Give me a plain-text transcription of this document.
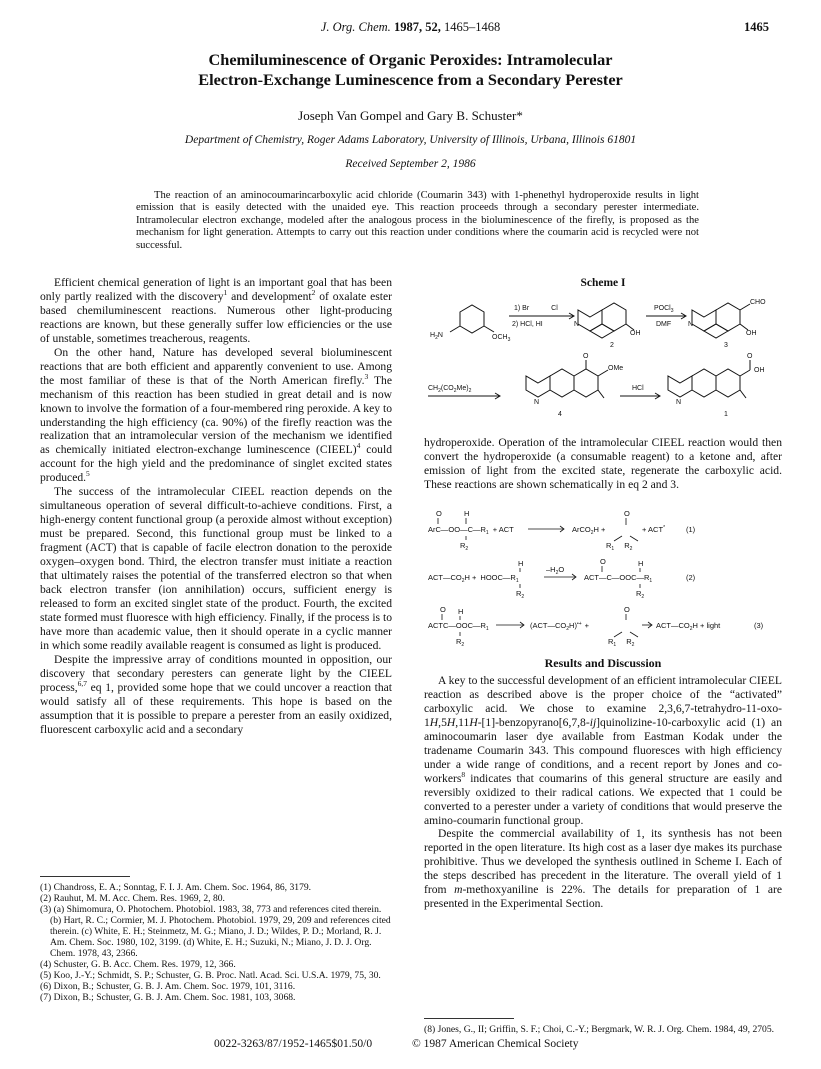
J. Org. Chem. 1987, 52, 1465–1468	1465
Chemiluminescence of Organic Peroxides: Intramolecular
Electron-Exchange Luminescence from a Secondary Perester
Joseph Van Gompel and Gary B. Schuster*
Department of Chemistry, Roger Adams Laboratory, University of Illinois, Urbana, Illinois 61801
Received September 2, 1986
The reaction of an aminocoumarincarboxylic acid chloride (Coumarin 343) with 1-phenethyl hydroperoxide results in light emission that is easily detected with the unaided eye. This reaction proceeds through a secondary perester intermediate. Intramolecular electron exchange, modeled after the analogous process in the bioluminescence of the firefly, is proposed as the mechanism for light generation. Attempts to carry out this reaction under conditions where the coumarin acid is recycled were not successful.

Efficient chemical generation of light is an important goal that has been only partly realized with the discovery$^1$ and development$^2$ of oxalate ester based chemiluminescent reactions. Numerous other light-producing reactions are known, but these generally suffer low efficiencies or the use of unstable, sometimes treacherous, reagents.

On the other hand, Nature has developed several bioluminescent reactions that are both efficient and apparently convenient to use. Among the most familiar of these is that of the North American firefly.$^3$ The mechanism of this reaction has been studied in great detail and is now known to involve the formation of a four-membered ring peroxide. A key to understanding the high efficiency (ca. 90%) of the firefly reaction was the realization that an intramolecular version of the mechanism we identified as chemically initiated electron-exchange luminescence (CIEEL)$^4$ could account for the high yield and the predominance of singlet excited states produced.$^5$

The success of the intramolecular CIEEL reaction depends on the simultaneous operation of several difficult-to-achieve conditions. First, a high-energy content functional group (a peroxide almost without exception) must be prepared. Second, this functional group must be linked to a fragment (ACT) that is capable of facile electron donation to the peroxide oxygen–oxygen bond. Third, the electron transfer must initiate a reaction that ultimately raises the potential of the transferred electron so that when back electron transfer (ion annihilation) occurs, sufficient energy is released to form an excited singlet state of the product. Fourth, the excited state formed must fluoresce with high efficiency. Finally, if the process is to have more than academic value, then it should operate in a cyclic manner in which some readily available reagent is consumed as light is produced.

Despite the impressive array of conditions mounted in opposition, our discovery that secondary peresters can generate light by the CIEEL process,$^{6,7}$ eq 1, provided some hope that we could uncover a reaction that would satisfy all of these requirements. This hope is based on the assumption that it is possible to prepare a perester from an easily oxidized, fluorescent carboxylic acid and a secondary

Scheme I
$H_2N$	$OCH_3$
1) Br	Cl
2) HCl, HI	N
OH
2
POCl$_3$
DMF N
CHO
OH
3
$CH_2(CO_2Me)_2$
N
O
OMe
4
HCl
N
O
OH
1

hydroperoxide. Operation of the intramolecular CIEEL reaction would then convert the hydroperoxide (a consumable reagent) to a ketone and, after emission of light from the excited state, regenerate the carboxylic acid. These reactions are shown schematically in eq 2 and 3.

O	H
$ArC—OO—C—R_1$ + ACT
$R_2$
ArCO$_2$H +
O
+ ACT*
$R_1$ $R_2$
(1)
H
$ACT—CO_2H$ + $HOOC—R_1$
$R_2$
$-H_2O$
O	H
$ACT—C—OOC—R_1$
$R_2$
(2)
O H
$ACTC—OOC—R_1$
$R_2$
$(ACT—CO_2H)^{•+}$ +
O
$R_1$ $R_2$
$ACT—CO_2H$ + light	(3)
Results and Discussion

A key to the successful development of an efficient intramolecular CIEEL reaction as described above is the proper choice of the “activated” carboxylic acid. We chose to examine 2,3,6,7-tetrahydro-11-oxo-1H,5H,11H-[1]-benzopyrano[6,7,8-ij]quinolizine-10-carboxylic acid (1) an aminocoumarin laser dye available from Eastman Kodak under the tradename Coumarin 343. This compound fluoresces with high efficiency under a wide range of conditions, and a recent report by Jones and co-workers$^8$ indicates that coumarins of this general structure are easily and reversibly oxidized to their radical cations. We expected that 1 could be converted to a perester under a variety of conditions that would preserve the amino-coumarin functional group.

Despite the commercial availability of 1, its synthesis has not been reported in the open literature. Its high cost as a laser dye makes its purchase prohibitive. Thus we developed the synthesis outlined in Scheme I. Each of the steps described has precedent in the literature. The overall yield of 1 from m-methoxyaniline is 22%. The details for preparation of 1 are presented in the Experimental Section.

(1) Chandross, E. A.; Sonntag, F. I. J. Am. Chem. Soc. 1964, 86, 3179.

(2) Rauhut, M. M. Acc. Chem. Res. 1969, 2, 80.

(3) (a) Shimomura, O. Photochem. Photobiol. 1983, 38, 773 and references cited therein. (b) Hart, R. C.; Cormier, M. J. Photochem. Photobiol. 1979, 29, 209 and references cited therein. (c) White, E. H.; Steinmetz, M. G.; Miano, J. D.; Wildes, P. D.; Morland, R. J. Am. Chem. Soc. 1980, 102, 3199. (d) White, E. H.; Suzuki, N.; Miano, J. D. J. Org. Chem. 1978, 43, 2366.

(4) Schuster, G. B. Acc. Chem. Res. 1979, 12, 366.

(5) Koo, J.-Y.; Schmidt, S. P.; Schuster, G. B. Proc. Natl. Acad. Sci. U.S.A. 1979, 75, 30.

(6) Dixon, B.; Schuster, G. B. J. Am. Chem. Soc. 1979, 101, 3116.

(7) Dixon, B.; Schuster, G. B. J. Am. Chem. Soc. 1981, 103, 3068.

(8) Jones, G., II; Griffin, S. F.; Choi, C.-Y.; Bergmark, W. R. J. Org. Chem. 1984, 49, 2705.

0022-3263/87/1952-1465$01.50/0	© 1987 American Chemical Society
